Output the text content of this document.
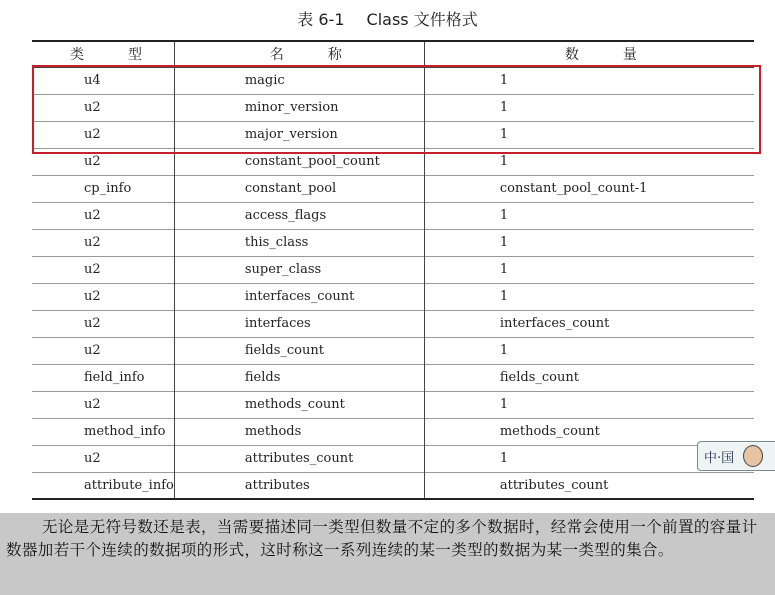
表 6-1 Class 文件格式
类 型	名 称	数 量
u4	magic	1
u2	minor_version	1
u2	major_version	1
u2	constant_pool_count	1
cp_info	constant_pool	constant_pool_count-1
u2	access_flags	1
u2	this_class	1
u2	super_class	1
u2	interfaces_count	1
u2	interfaces	interfaces_count
u2	fields_count	1
field_info	fields	fields_count
u2	methods_count	1
method_info	methods	methods_count
u2	attributes_count	1
attribute_info	attributes	attributes_count
中·国

无论是无符号数还是表，当需要描述同一类型但数量不定的多个数据时，经常会使用一个前置的容量计数器加若干个连续的数据项的形式，这时称这一系列连续的某一类型的数据为某一类型的集合。
